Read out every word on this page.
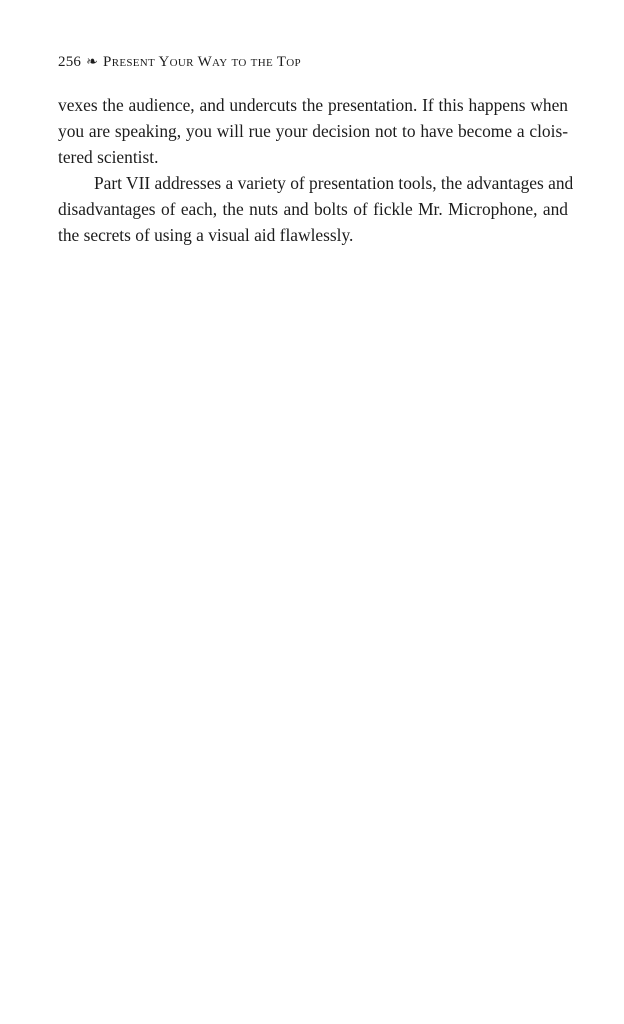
256 ❧ Present Your Way to the Top
vexes the audience, and undercuts the presentation. If this happens when
you are speaking, you will rue your decision not to have become a clois-
tered scientist.
Part VII addresses a variety of presentation tools, the advantages and
disadvantages of each, the nuts and bolts of fickle Mr. Microphone, and
the secrets of using a visual aid flawlessly.
